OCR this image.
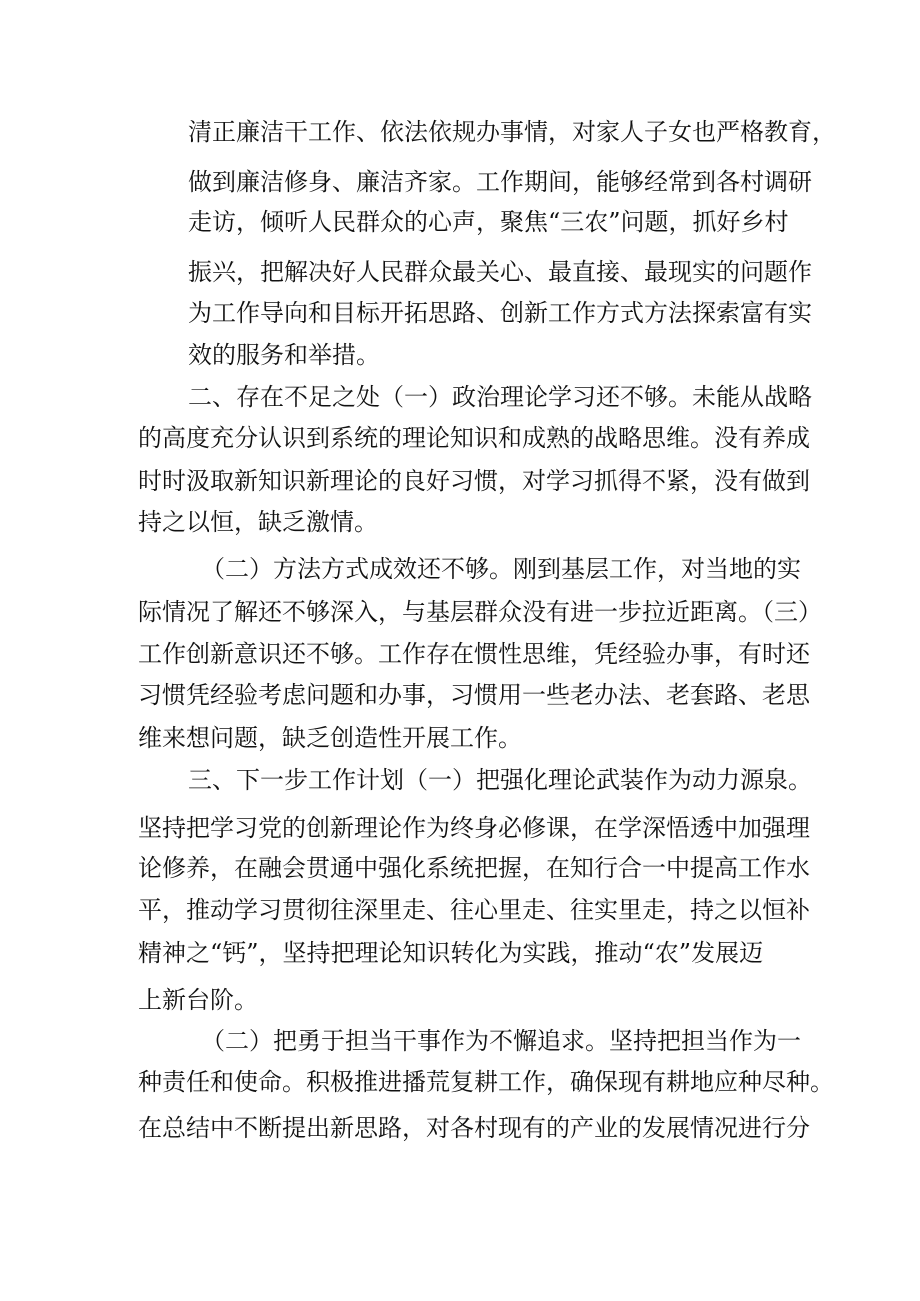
清正廉洁干工作、依法依规办事情，对家人子女也严格教育，
做到廉洁修身、廉洁齐家。工作期间，能够经常到各村调研
走访，倾听人民群众的心声，聚焦“三农”问题，抓好乡村
振兴，把解决好人民群众最关心、最直接、最现实的问题作
为工作导向和目标开拓思路、创新工作方式方法探索富有实
效的服务和举措。
二、存在不足之处（一）政治理论学习还不够。未能从战略
的高度充分认识到系统的理论知识和成熟的战略思维。没有养成
时时汲取新知识新理论的良好习惯，对学习抓得不紧，没有做到
持之以恒，缺乏激情。
（二）方法方式成效还不够。刚到基层工作，对当地的实
际情况了解还不够深入，与基层群众没有进一步拉近距离。（三）
工作创新意识还不够。工作存在惯性思维，凭经验办事，有时还
习惯凭经验考虑问题和办事，习惯用一些老办法、老套路、老思
维来想问题，缺乏创造性开展工作。
三、下一步工作计划（一）把强化理论武装作为动力源泉。
坚持把学习党的创新理论作为终身必修课，在学深悟透中加强理
论修养，在融会贯通中强化系统把握，在知行合一中提高工作水
平，推动学习贯彻往深里走、往心里走、往实里走，持之以恒补
精神之“钙”，坚持把理论知识转化为实践，推动“农”发展迈
上新台阶。
（二）把勇于担当干事作为不懈追求。坚持把担当作为一
种责任和使命。积极推进播荒复耕工作，确保现有耕地应种尽种。
在总结中不断提出新思路，对各村现有的产业的发展情况进行分
